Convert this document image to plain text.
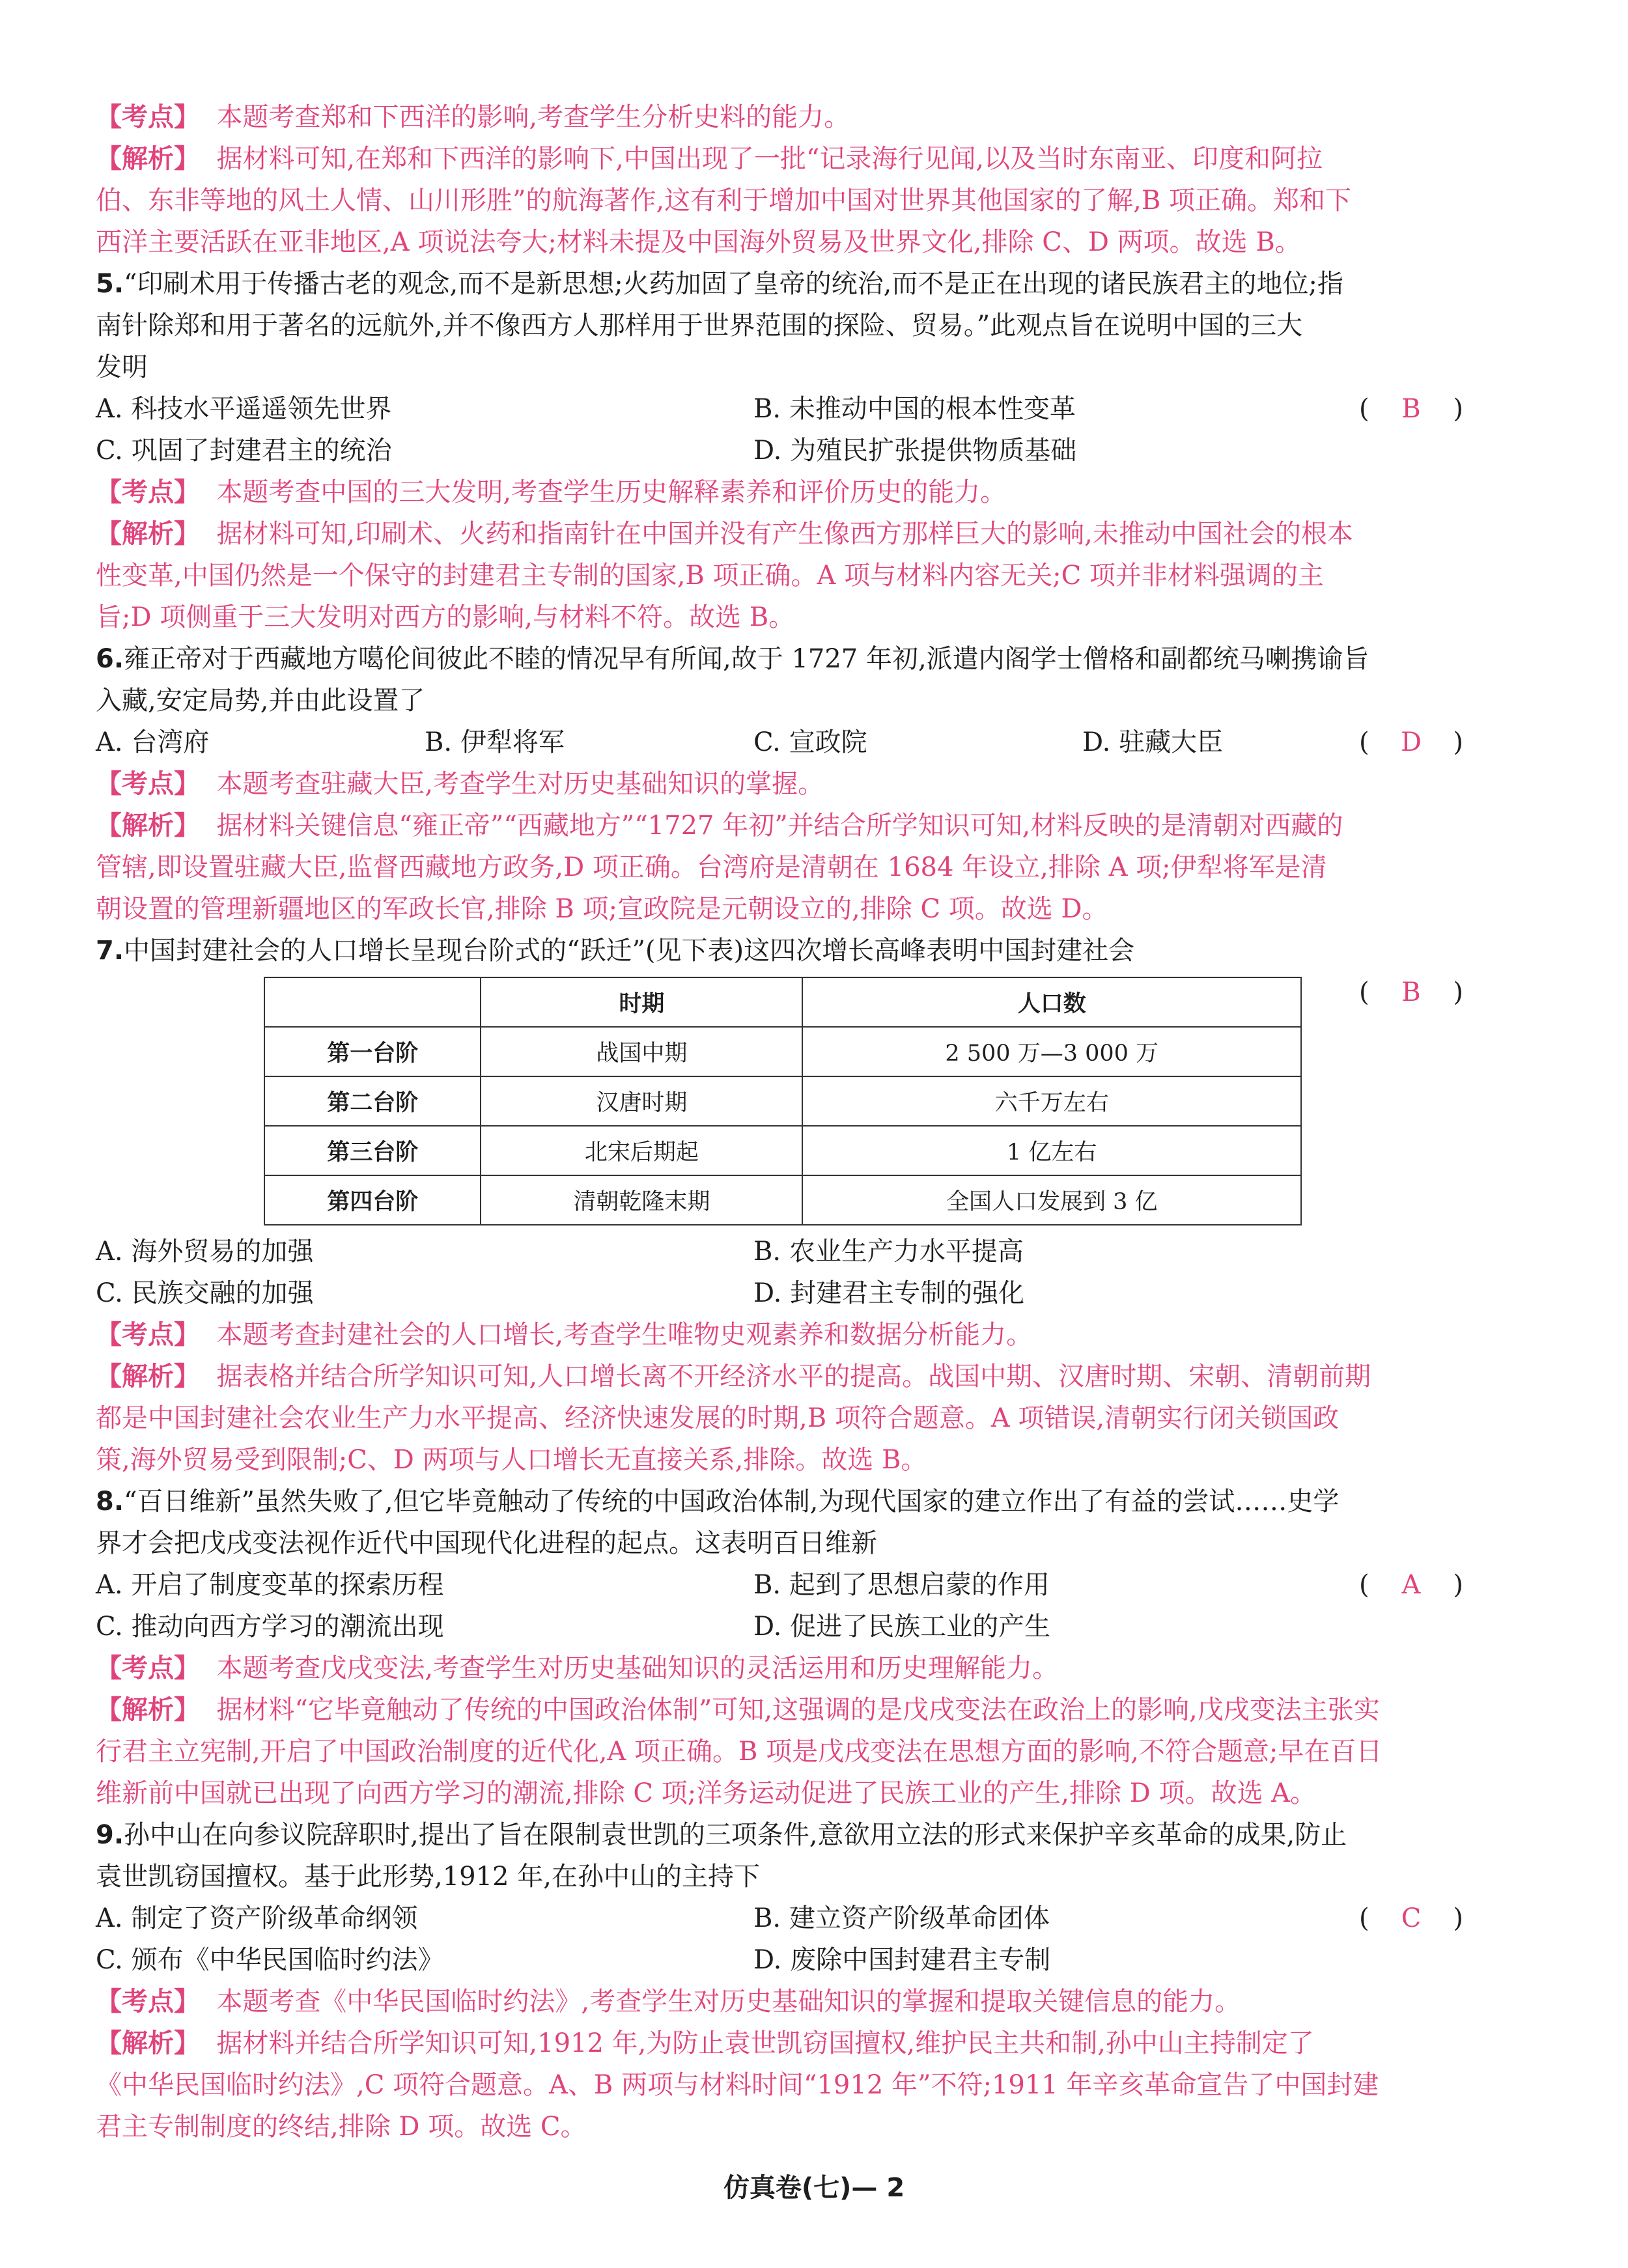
【考点】 本题考查郑和下西洋的影响,考查学生分析史料的能力。
【解析】 据材料可知,在郑和下西洋的影响下,中国出现了一批“记录海行见闻,以及当时东南亚、印度和阿拉
伯、东非等地的风土人情、山川形胜”的航海著作,这有利于增加中国对世界其他国家的了解,B 项正确。郑和下
西洋主要活跃在亚非地区,A 项说法夸大;材料未提及中国海外贸易及世界文化,排除 C、D 两项。故选 B。
5.“印刷术用于传播古老的观念,而不是新思想;火药加固了皇帝的统治,而不是正在出现的诸民族君主的地位;指
南针除郑和用于著名的远航外,并不像西方人那样用于世界范围的探险、贸易。”此观点旨在说明中国的三大
发明
( B )
A. 科技水平遥遥领先世界	B. 未推动中国的根本性变革
C. 巩固了封建君主的统治	D. 为殖民扩张提供物质基础
【考点】 本题考查中国的三大发明,考查学生历史解释素养和评价历史的能力。
【解析】 据材料可知,印刷术、火药和指南针在中国并没有产生像西方那样巨大的影响,未推动中国社会的根本
性变革,中国仍然是一个保守的封建君主专制的国家,B 项正确。A 项与材料内容无关;C 项并非材料强调的主
旨;D 项侧重于三大发明对西方的影响,与材料不符。故选 B。
6.雍正帝对于西藏地方噶伦间彼此不睦的情况早有所闻,故于 1727 年初,派遣内阁学士僧格和副都统马喇携谕旨
入藏,安定局势,并由此设置了
( D )
A. 台湾府	B. 伊犁将军	C. 宣政院	D. 驻藏大臣
【考点】 本题考查驻藏大臣,考查学生对历史基础知识的掌握。
【解析】 据材料关键信息“雍正帝”“西藏地方”“1727 年初”并结合所学知识可知,材料反映的是清朝对西藏的
管辖,即设置驻藏大臣,监督西藏地方政务,D 项正确。台湾府是清朝在 1684 年设立,排除 A 项;伊犁将军是清
朝设置的管理新疆地区的军政长官,排除 B 项;宣政院是元朝设立的,排除 C 项。故选 D。
7.中国封建社会的人口增长呈现台阶式的“跃迁”(见下表)这四次增长高峰表明中国封建社会
( B )
	时期	人口数
第一台阶	战国中期	2 500 万—3 000 万
第二台阶	汉唐时期	六千万左右
第三台阶	北宋后期起	1 亿左右
第四台阶	清朝乾隆末期	全国人口发展到 3 亿
A. 海外贸易的加强	B. 农业生产力水平提高
C. 民族交融的加强	D. 封建君主专制的强化
【考点】 本题考查封建社会的人口增长,考查学生唯物史观素养和数据分析能力。
【解析】 据表格并结合所学知识可知,人口增长离不开经济水平的提高。战国中期、汉唐时期、宋朝、清朝前期
都是中国封建社会农业生产力水平提高、经济快速发展的时期,B 项符合题意。A 项错误,清朝实行闭关锁国政
策,海外贸易受到限制;C、D 两项与人口增长无直接关系,排除。故选 B。
8.“百日维新”虽然失败了,但它毕竟触动了传统的中国政治体制,为现代国家的建立作出了有益的尝试……史学
界才会把戊戌变法视作近代中国现代化进程的起点。这表明百日维新
( A )
A. 开启了制度变革的探索历程	B. 起到了思想启蒙的作用
C. 推动向西方学习的潮流出现	D. 促进了民族工业的产生
【考点】 本题考查戊戌变法,考查学生对历史基础知识的灵活运用和历史理解能力。
【解析】 据材料“它毕竟触动了传统的中国政治体制”可知,这强调的是戊戌变法在政治上的影响,戊戌变法主张实
行君主立宪制,开启了中国政治制度的近代化,A 项正确。B 项是戊戌变法在思想方面的影响,不符合题意;早在百日
维新前中国就已出现了向西方学习的潮流,排除 C 项;洋务运动促进了民族工业的产生,排除 D 项。故选 A。
9.孙中山在向参议院辞职时,提出了旨在限制袁世凯的三项条件,意欲用立法的形式来保护辛亥革命的成果,防止
袁世凯窃国擅权。基于此形势,1912 年,在孙中山的主持下
( C )
A. 制定了资产阶级革命纲领	B. 建立资产阶级革命团体
C. 颁布《中华民国临时约法》	D. 废除中国封建君主专制
【考点】 本题考查《中华民国临时约法》,考查学生对历史基础知识的掌握和提取关键信息的能力。
【解析】 据材料并结合所学知识可知,1912 年,为防止袁世凯窃国擅权,维护民主共和制,孙中山主持制定了
《中华民国临时约法》,C 项符合题意。A、B 两项与材料时间“1912 年”不符;1911 年辛亥革命宣告了中国封建
君主专制制度的终结,排除 D 项。故选 C。
仿真卷(七)— 2
